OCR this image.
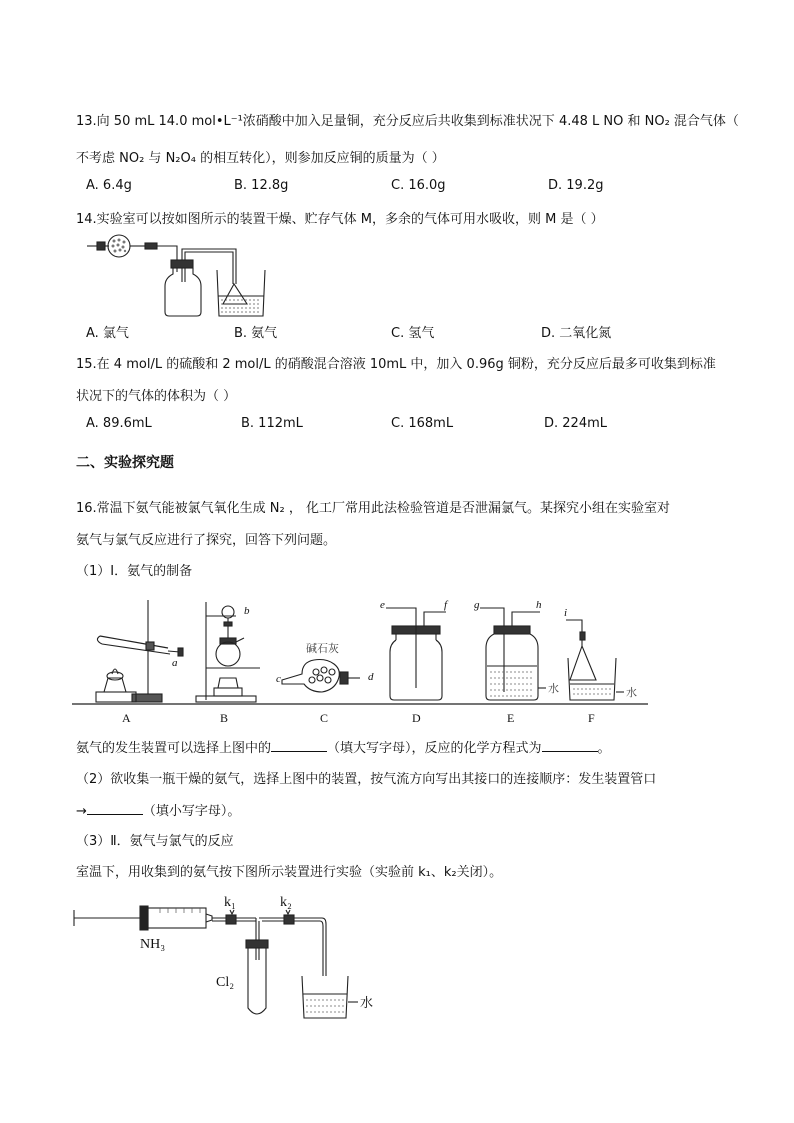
13.向 50 mL 14.0 mol•L⁻¹浓硝酸中加入足量铜，充分反应后共收集到标准状况下 4.48 L NO 和 NO₂ 混合气体（
不考虑 NO₂ 与 N₂O₄ 的相互转化），则参加反应铜的质量为（ ）
A. 6.4g	B. 12.8g	C. 16.0g	D. 19.2g
14.实验室可以按如图所示的装置干燥、贮存气体 M，多余的气体可用水吸收，则 M 是（ ）
A. 氯气	B. 氨气	C. 氢气	D. 二氧化氮
15.在 4 mol/L 的硫酸和 2 mol/L 的硝酸混合溶液 10mL 中，加入 0.96g 铜粉，充分反应后最多可收集到标准
状况下的气体的体积为（ ）
A. 89.6mL	B. 112mL	C. 168mL	D. 224mL
二、实验探究题
16.常温下氨气能被氯气氧化生成 N₂ ， 化工厂常用此法检验管道是否泄漏氯气。某探究小组在实验室对
氨气与氯气反应进行了探究，回答下列问题。
（1）Ⅰ．氨气的制备
A	B	C	D	E	F
a
b
c	d
e	f g	h
i
碱石灰
水	水
氨气的发生装置可以选择上图中的	（填大写字母），反应的化学方程式为	。
（2）欲收集一瓶干燥的氨气，选择上图中的装置，按气流方向写出其接口的连接顺序：发生装置管口
→	（填小写字母）。
（3）Ⅱ．氨气与氯气的反应
室温下，用收集到的氨气按下图所示装置进行实验（实验前 k₁、k₂关闭）。
NH₃
Cl₂
k₁	k₂
水
